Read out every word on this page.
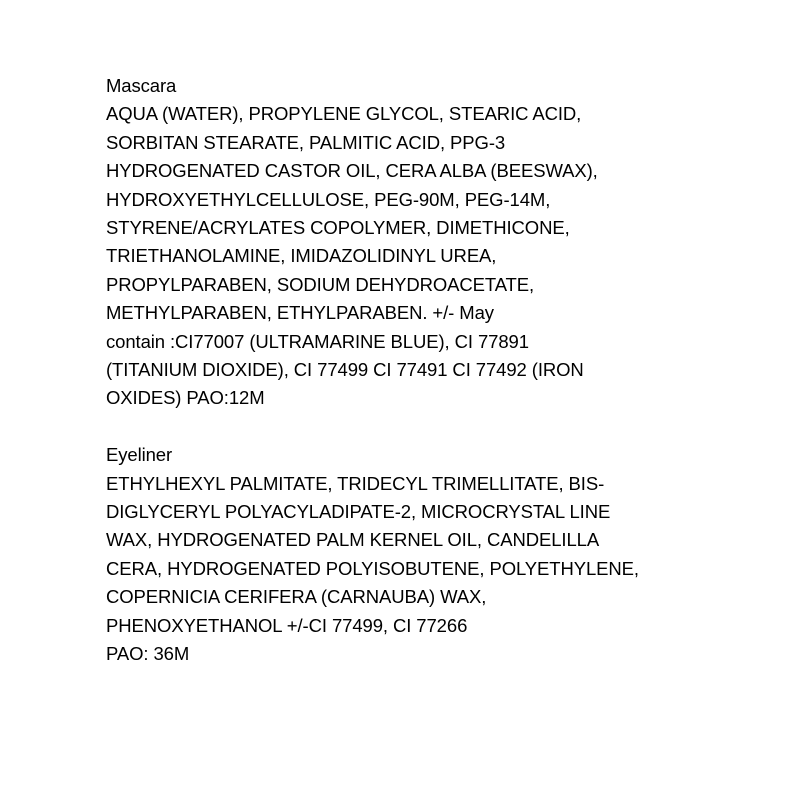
Mascara
AQUA (WATER), PROPYLENE GLYCOL, STEARIC ACID,
SORBITAN STEARATE, PALMITIC ACID, PPG-3
HYDROGENATED CASTOR OIL, CERA ALBA (BEESWAX),
HYDROXYETHYLCELLULOSE, PEG-90M, PEG-14M,
STYRENE/ACRYLATES COPOLYMER, DIMETHICONE,
TRIETHANOLAMINE, IMIDAZOLIDINYL UREA,
PROPYLPARABEN, SODIUM DEHYDROACETATE,
METHYLPARABEN, ETHYLPARABEN. +/- May
contain :CI77007 (ULTRAMARINE BLUE), CI 77891
(TITANIUM DIOXIDE), CI 77499 CI 77491 CI 77492 (IRON
OXIDES) PAO:12M
Eyeliner
ETHYLHEXYL PALMITATE, TRIDECYL TRIMELLITATE, BIS-
DIGLYCERYL POLYACYLADIPATE-2, MICROCRYSTAL LINE
WAX, HYDROGENATED PALM KERNEL OIL, CANDELILLA
CERA, HYDROGENATED POLYISOBUTENE, POLYETHYLENE,
COPERNICIA CERIFERA (CARNAUBA) WAX,
PHENOXYETHANOL +/-CI 77499, CI 77266
PAO: 36M
